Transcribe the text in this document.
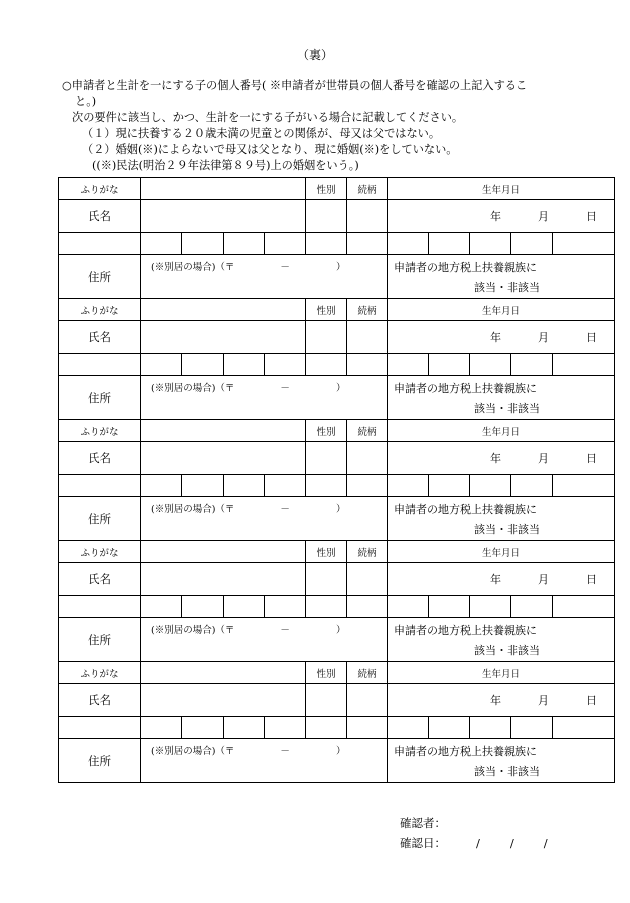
（裏）
○申請者と生計を一にする子の個人番号( ※申請者が世帯員の個人番号を確認の上記入するこ
と。)
次の要件に該当し、かつ、生計を一にする子がいる場合に記載してください。
（１）現に扶養する２０歳未満の児童との関係が、母又は父ではない。
（２）婚姻(※)によらないで母又は父となり、現に婚姻(※)をしていない。
((※)民法(明治２９年法律第８９号)上の婚姻をいう。)
ふりがな					性別	続柄	生年月日				
氏名							年 月 日				

住所	(※別居の場合)（〒 － ）						申請者の地方税上扶養親族に
該当・非該当				

ふりがな					性別	続柄	生年月日				
氏名							年 月 日				

住所	(※別居の場合)（〒 － ）						申請者の地方税上扶養親族に
該当・非該当				

ふりがな					性別	続柄	生年月日				
氏名							年 月 日				

住所	(※別居の場合)（〒 － ）						申請者の地方税上扶養親族に
該当・非該当				

ふりがな					性別	続柄	生年月日				
氏名							年 月 日				

住所	(※別居の場合)（〒 － ）						申請者の地方税上扶養親族に
該当・非該当				

ふりがな					性別	続柄	生年月日				
氏名							年 月 日				

住所	(※別居の場合)（〒 － ）						申請者の地方税上扶養親族に
該当・非該当				
確認者：
確認日：	/	/	/
